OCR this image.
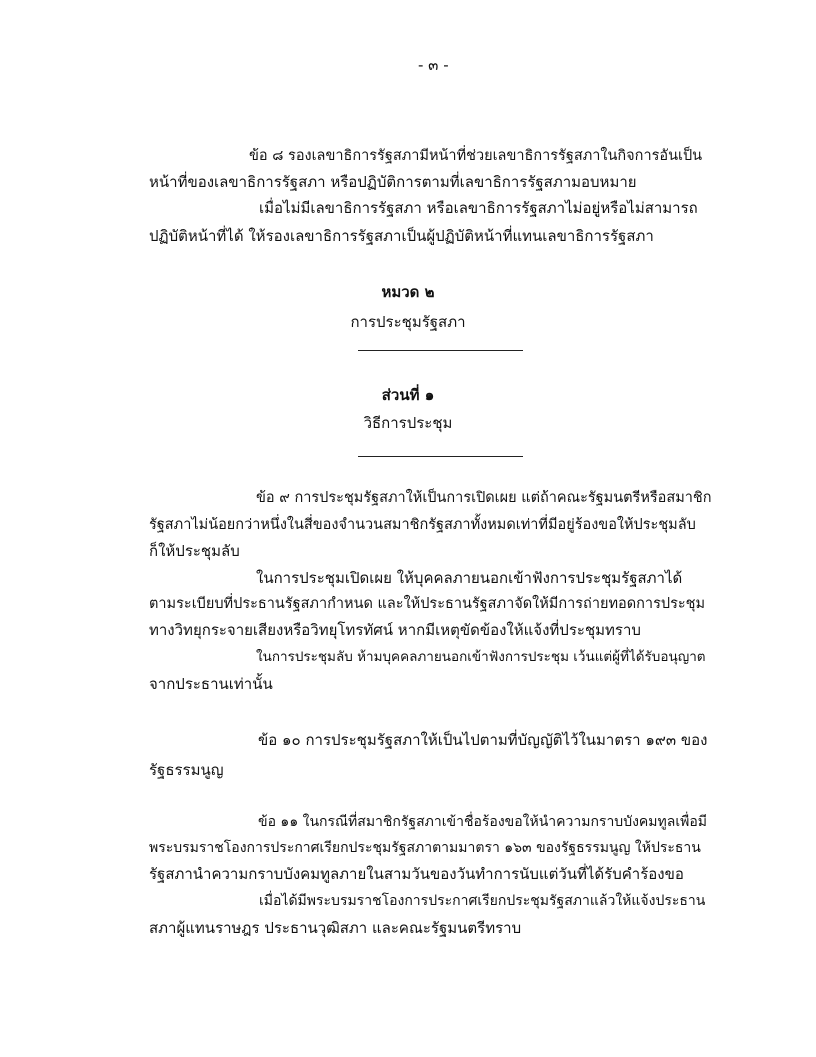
- ๓ -
ข้อ ๘ รองเลขาธิการรัฐสภามีหน้าที่ช่วยเลขาธิการรัฐสภาในกิจการอันเป็น
หน้าที่ของเลขาธิการรัฐสภา หรือปฏิบัติการตามที่เลขาธิการรัฐสภามอบหมาย
เมื่อไม่มีเลขาธิการรัฐสภา หรือเลขาธิการรัฐสภาไม่อยู่หรือไม่สามารถ
ปฏิบัติหน้าที่ได้ ให้รองเลขาธิการรัฐสภาเป็นผู้ปฏิบัติหน้าที่แทนเลขาธิการรัฐสภา
หมวด ๒
การประชุมรัฐสภา
ส่วนที่ ๑
วิธีการประชุม
ข้อ ๙ การประชุมรัฐสภาให้เป็นการเปิดเผย แต่ถ้าคณะรัฐมนตรีหรือสมาชิก
รัฐสภาไม่น้อยกว่าหนึ่งในสี่ของจำนวนสมาชิกรัฐสภาทั้งหมดเท่าที่มีอยู่ร้องขอให้ประชุมลับ
ก็ให้ประชุมลับ
ในการประชุมเปิดเผย ให้บุคคลภายนอกเข้าฟังการประชุมรัฐสภาได้
ตามระเบียบที่ประธานรัฐสภากำหนด และให้ประธานรัฐสภาจัดให้มีการถ่ายทอดการประชุม
ทางวิทยุกระจายเสียงหรือวิทยุโทรทัศน์ หากมีเหตุขัดข้องให้แจ้งที่ประชุมทราบ
ในการประชุมลับ ห้ามบุคคลภายนอกเข้าฟังการประชุม เว้นแต่ผู้ที่ได้รับอนุญาต
จากประธานเท่านั้น
ข้อ ๑๐ การประชุมรัฐสภาให้เป็นไปตามที่บัญญัติไว้ในมาตรา ๑๙๓ ของ
รัฐธรรมนูญ
ข้อ ๑๑ ในกรณีที่สมาชิกรัฐสภาเข้าชื่อร้องขอให้นำความกราบบังคมทูลเพื่อมี
พระบรมราชโองการประกาศเรียกประชุมรัฐสภาตามมาตรา ๑๖๓ ของรัฐธรรมนูญ ให้ประธาน
รัฐสภานำความกราบบังคมทูลภายในสามวันของวันทำการนับแต่วันที่ได้รับคำร้องขอ
เมื่อได้มีพระบรมราชโองการประกาศเรียกประชุมรัฐสภาแล้วให้แจ้งประธาน
สภาผู้แทนราษฎร ประธานวุฒิสภา และคณะรัฐมนตรีทราบ
